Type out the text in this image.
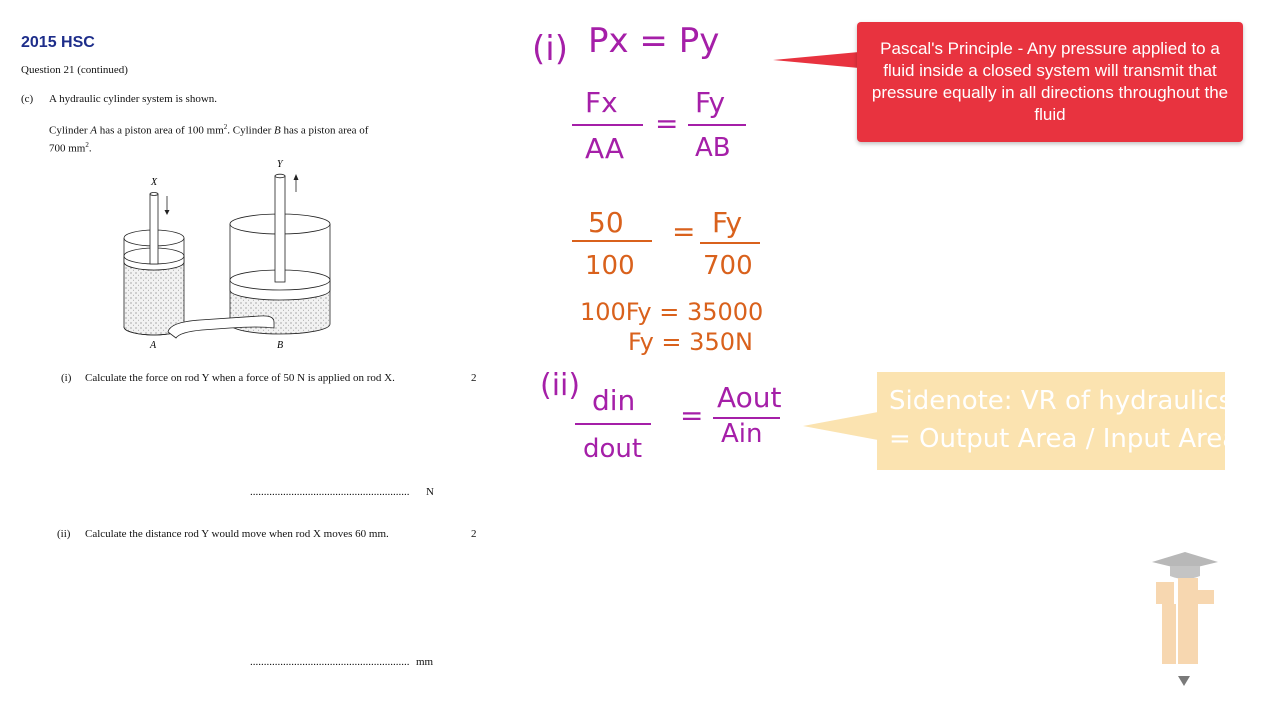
2015 HSC
Question 21 (continued)
(c) A hydraulic cylinder system is shown.
Cylinder A has a piston area of 100 $mm^2$. Cylinder B has a piston area of
700 $mm^2$.
X
Y
A	B
(i) Calculate the force on rod Y when a force of 50 N is applied on rod X.	2
.......................................................... N
(ii) Calculate the distance rod Y would move when rod X moves 60 mm.	2
.......................................................... mm
(i) Px = Py
Fx
AA
=
Fy
AB
(ii) din
dout
=
Aout
Ain
50
100
= Fy
700
100Fy = 35000
Fy = 350N
Pascal's Principle - Any pressure applied to a fluid inside a closed system will transmit that pressure equally in all directions throughout the fluid
Sidenote: VR of hydraulics
= Output Area / Input Area
